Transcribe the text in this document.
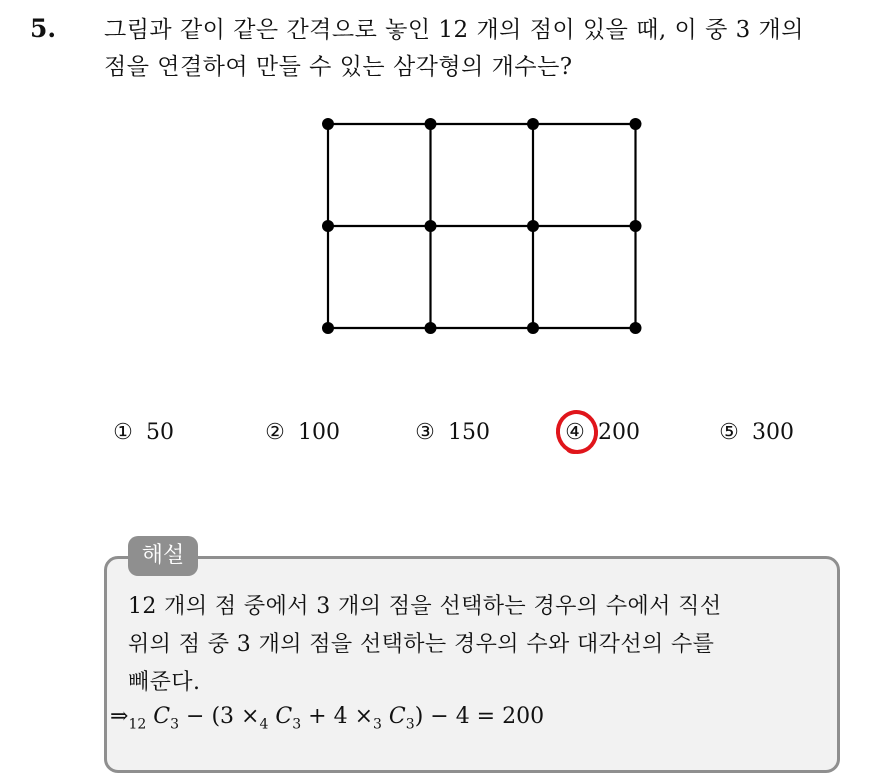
5. 그림과 같이 같은 간격으로 놓인 12 개의 점이 있을 때, 이 중 3 개의
점을 연결하여 만들 수 있는 삼각형의 개수는?
① 50	② 100	③ 150	④ 200	⑤ 300
해설
12 개의 점 중에서 3 개의 점을 선택하는 경우의 수에서 직선
위의 점 중 3 개의 점을 선택하는 경우의 수와 대각선의 수를
빼준다.
$\Rightarrow_{12}$ $C_3 - (3 \times_4$ $C_3 + 4 \times_3$ $C_3) - 4 = 200$
